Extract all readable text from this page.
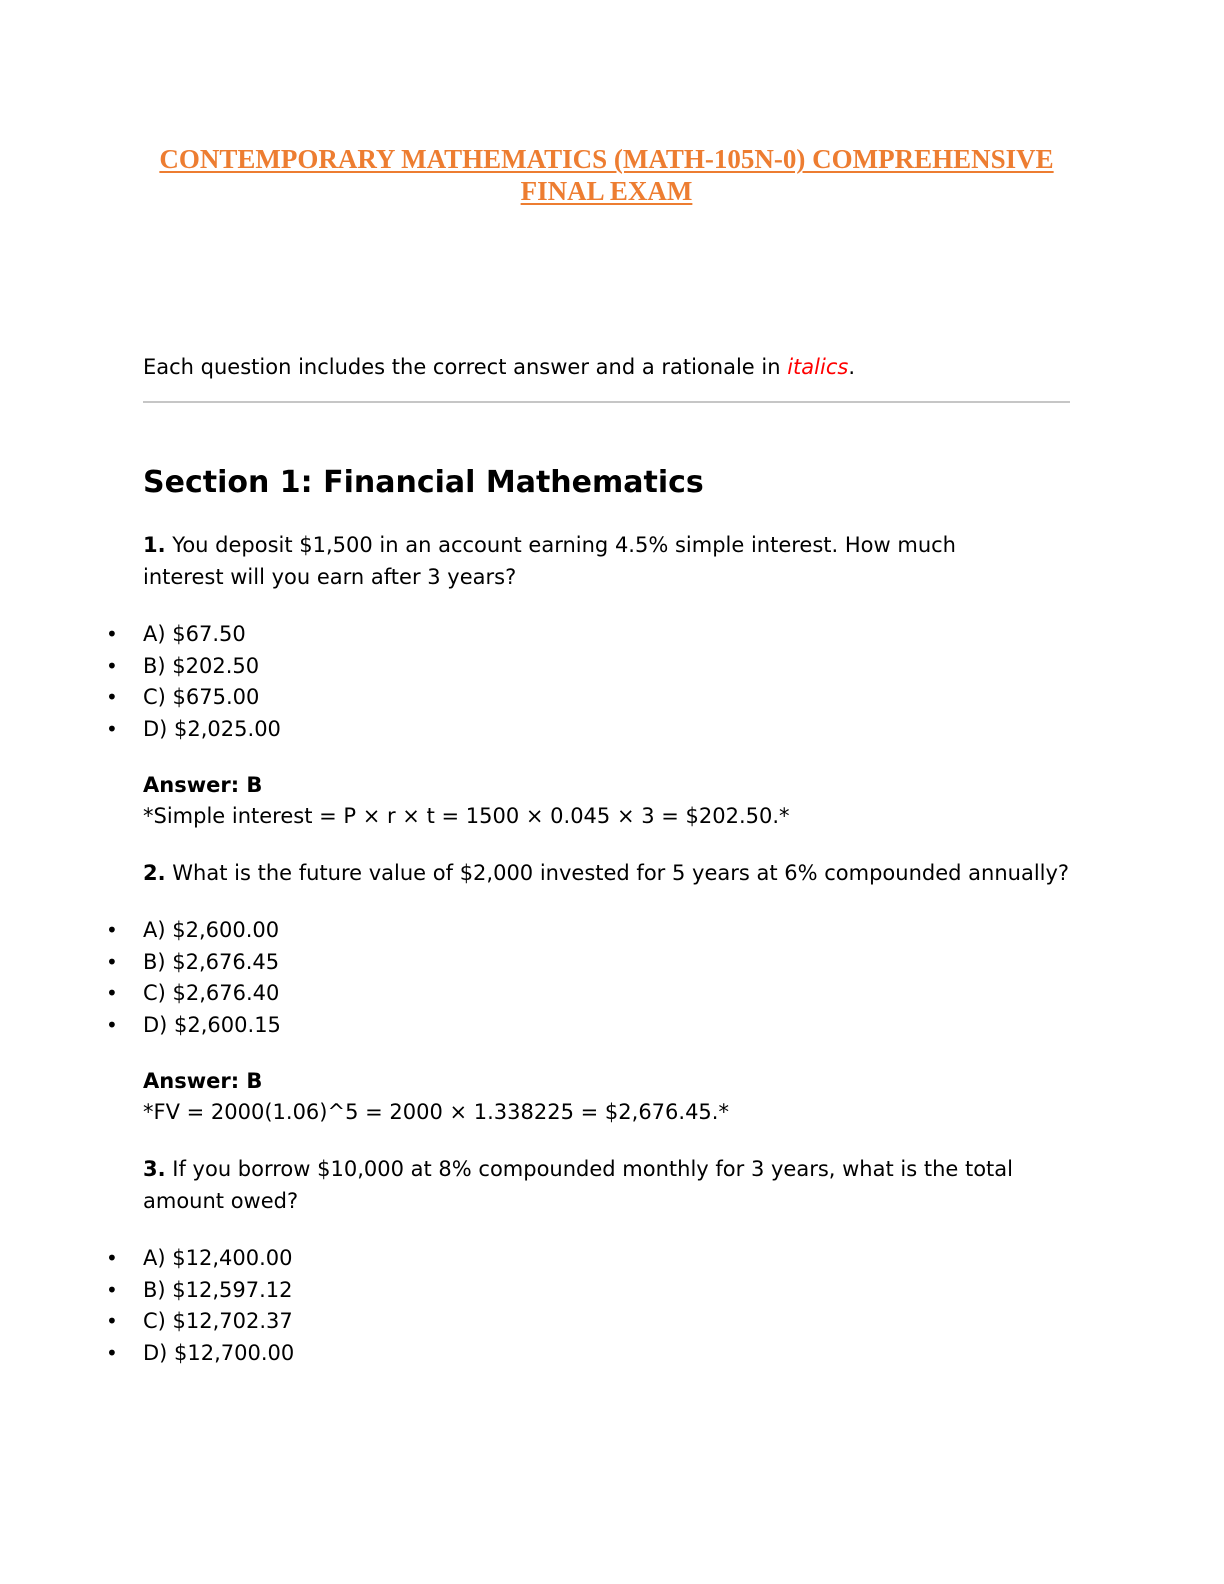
CONTEMPORARY MATHEMATICS (MATH-105N-0) COMPREHENSIVE
FINAL EXAM
Each question includes the correct answer and a rationale in italics.
Section 1: Financial Mathematics
1. You deposit $1,500 in an account earning 4.5% simple interest. How much interest will you earn after 3 years?
• A) $67.50
• B) $202.50
• C) $675.00
• D) $2,025.00
Answer: B
*Simple interest = P × r × t = 1500 × 0.045 × 3 = $202.50.*
2. What is the future value of $2,000 invested for 5 years at 6% compounded annually?
• A) $2,600.00
• B) $2,676.45
• C) $2,676.40
• D) $2,600.15
Answer: B
*FV = 2000(1.06)^5 = 2000 × 1.338225 = $2,676.45.*
3. If you borrow $10,000 at 8% compounded monthly for 3 years, what is the total amount owed?
• A) $12,400.00
• B) $12,597.12
• C) $12,702.37
• D) $12,700.00
